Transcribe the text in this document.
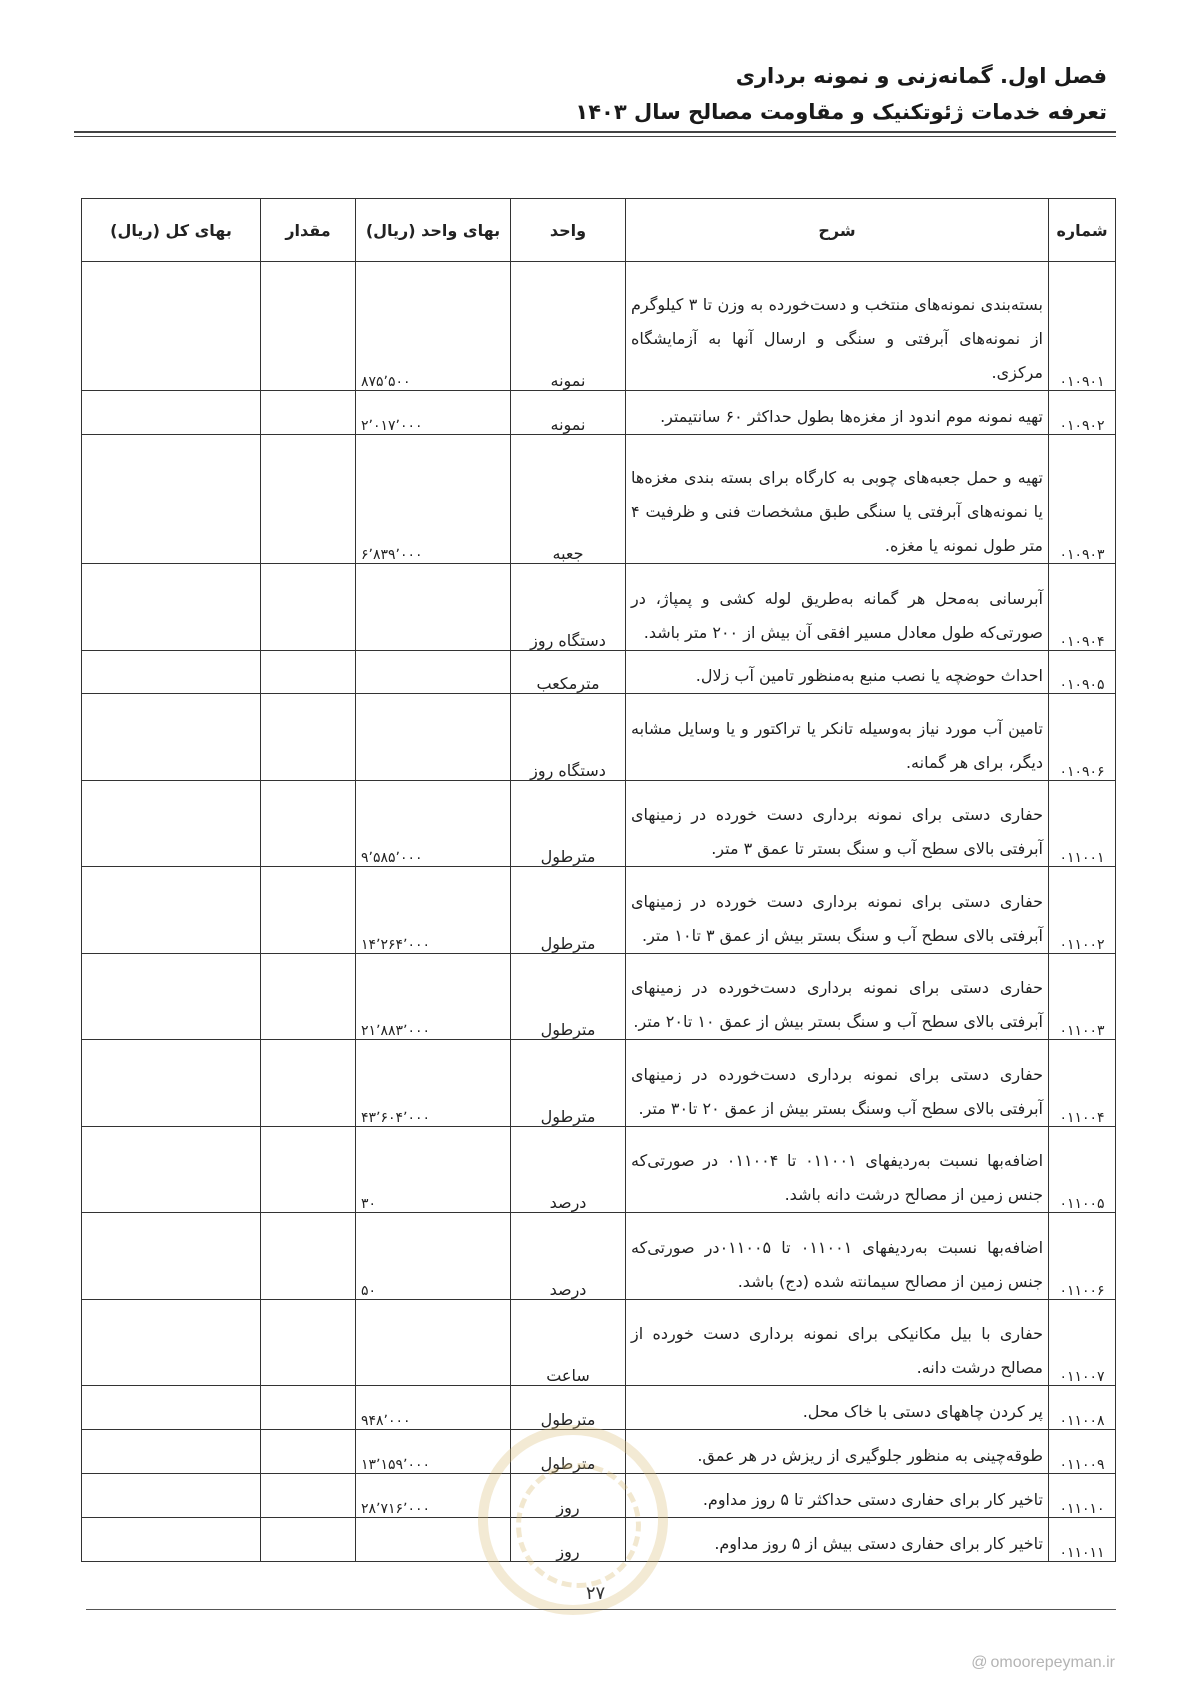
فصل اول. گمانه‌زنی و نمونه برداری
تعرفه خدمات ژئوتکنیک و مقاومت مصالح سال ۱۴۰۳
شماره	شرح	واحد	بهای واحد (ریال)	مقدار	بهای کل (ریال)
۰۱۰۹۰۱	بسته‌بندی نمونه‌های منتخب و دست‌خورده به وزن تا ۳ کیلوگرم از نمونه‌های آبرفتی و سنگی و ارسال آنها به آزمایشگاه مرکزی.	نمونه	۸۷۵٬۵۰۰		
۰۱۰۹۰۲	تهیه نمونه موم اندود از مغزه‌ها بطول حداکثر ۶۰ سانتیمتر.	نمونه	۲٬۰۱۷٬۰۰۰		
۰۱۰۹۰۳	تهیه و حمل جعبه‌های چوبی به کارگاه برای بسته بندی مغزه‌ها یا نمونه‌های آبرفتی یا سنگی طبق مشخصات فنی و ظرفیت ۴ متر طول نمونه یا مغزه.	جعبه	۶٬۸۳۹٬۰۰۰		
۰۱۰۹۰۴	آبرسانی به‌محل هر گمانه به‌طریق لوله کشی و پمپاژ، در صورتی‌که طول معادل مسیر افقی آن بیش از ۲۰۰ متر باشد.	دستگاه روز			
۰۱۰۹۰۵	احداث حوضچه یا نصب منبع به‌منظور تامین آب زلال.	مترمکعب			
۰۱۰۹۰۶	تامین آب مورد نیاز به‌وسیله تانکر یا تراکتور و یا وسایل مشابه دیگر، برای هر گمانه.	دستگاه روز			
۰۱۱۰۰۱	حفاری دستی برای نمونه برداری دست خورده در زمینهای آبرفتی بالای سطح آب و سنگ بستر تا عمق ۳ متر.	مترطول	۹٬۵۸۵٬۰۰۰		
۰۱۱۰۰۲	حفاری دستی برای نمونه برداری دست خورده در زمینهای آبرفتی بالای سطح آب و سنگ بستر بیش از عمق ۳ تا۱۰ متر.	مترطول	۱۴٬۲۶۴٬۰۰۰		
۰۱۱۰۰۳	حفاری دستی برای نمونه برداری دست‌خورده در زمینهای آبرفتی بالای سطح آب و سنگ بستر بیش از عمق ۱۰ تا۲۰ متر.	مترطول	۲۱٬۸۸۳٬۰۰۰		
۰۱۱۰۰۴	حفاری دستی برای نمونه برداری دست‌خورده در زمینهای آبرفتی بالای سطح آب وسنگ بستر بیش از عمق ۲۰ تا۳۰ متر.	مترطول	۴۳٬۶۰۴٬۰۰۰		
۰۱۱۰۰۵	اضافه‌بها نسبت به‌ردیفهای ۰۱۱۰۰۱ تا ۰۱۱۰۰۴ در صورتی‌که جنس زمین از مصالح درشت دانه باشد.	درصد	۳۰		
۰۱۱۰۰۶	اضافه‌بها نسبت به‌ردیفهای ۰۱۱۰۰۱ تا ۰۱۱۰۰۵در صورتی‌که جنس زمین از مصالح سیمانته شده (دج) باشد.	درصد	۵۰		
۰۱۱۰۰۷	حفاری با بیل مکانیکی برای نمونه برداری دست خورده از مصالح درشت دانه.	ساعت			
۰۱۱۰۰۸	پر کردن چاههای دستی با خاک محل.	مترطول	۹۴۸٬۰۰۰		
۰۱۱۰۰۹	طوقه‌چینی به منظور جلوگیری از ریزش در هر عمق.	مترطول	۱۳٬۱۵۹٬۰۰۰		
۰۱۱۰۱۰	تاخیر کار برای حفاری دستی حداکثر تا ۵ روز مداوم.	روز	۲۸٬۷۱۶٬۰۰۰		
۰۱۱۰۱۱	تاخیر کار برای حفاری دستی بیش از ۵ روز مداوم.	روز			
۲۷
@ omoorepeyman.ir
